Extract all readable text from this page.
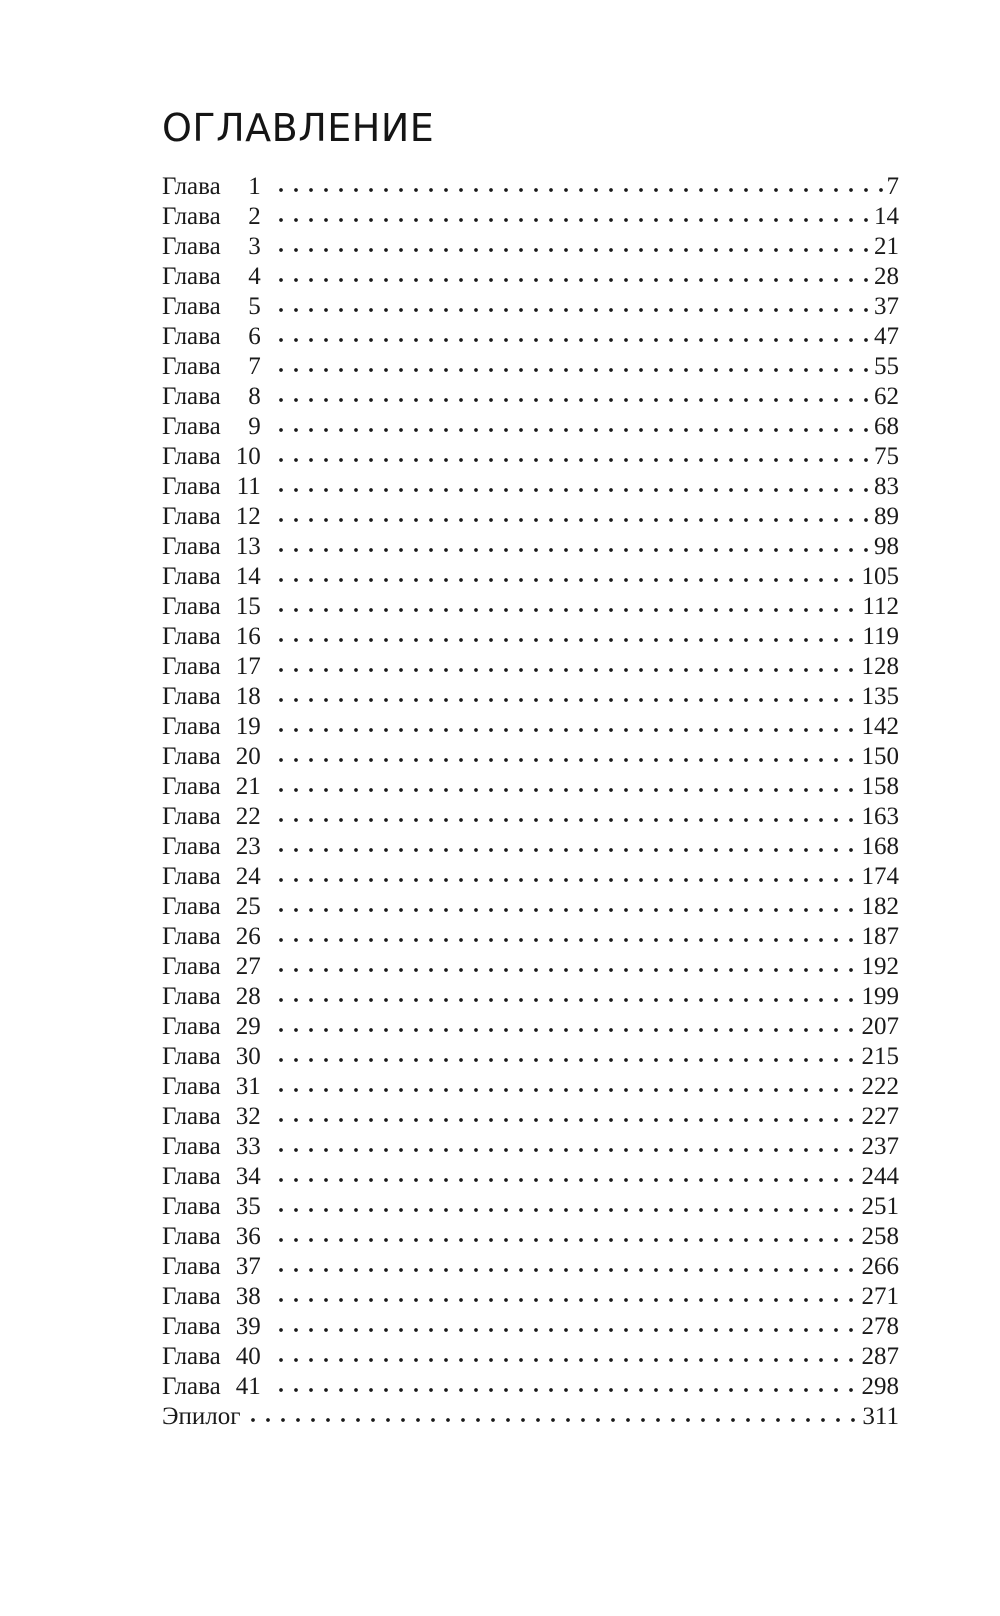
ОГЛАВЛЕНИЕ
Глава	1	7
Глава	2	14
Глава	3	21
Глава	4	28
Глава	5	37
Глава	6	47
Глава	7	55
Глава	8	62
Глава	9	68
Глава 10	75
Глава 11	83
Глава 12	89
Глава 13	98
Глава 14	105
Глава 15	112
Глава 16	119
Глава 17	128
Глава 18	135
Глава 19	142
Глава 20	150
Глава 21	158
Глава 22	163
Глава 23	168
Глава 24	174
Глава 25	182
Глава 26	187
Глава 27	192
Глава 28	199
Глава 29	207
Глава 30	215
Глава 31	222
Глава 32	227
Глава 33	237
Глава 34	244
Глава 35	251
Глава 36	258
Глава 37	266
Глава 38	271
Глава 39	278
Глава 40	287
Глава 41	298
Эпилог	311
